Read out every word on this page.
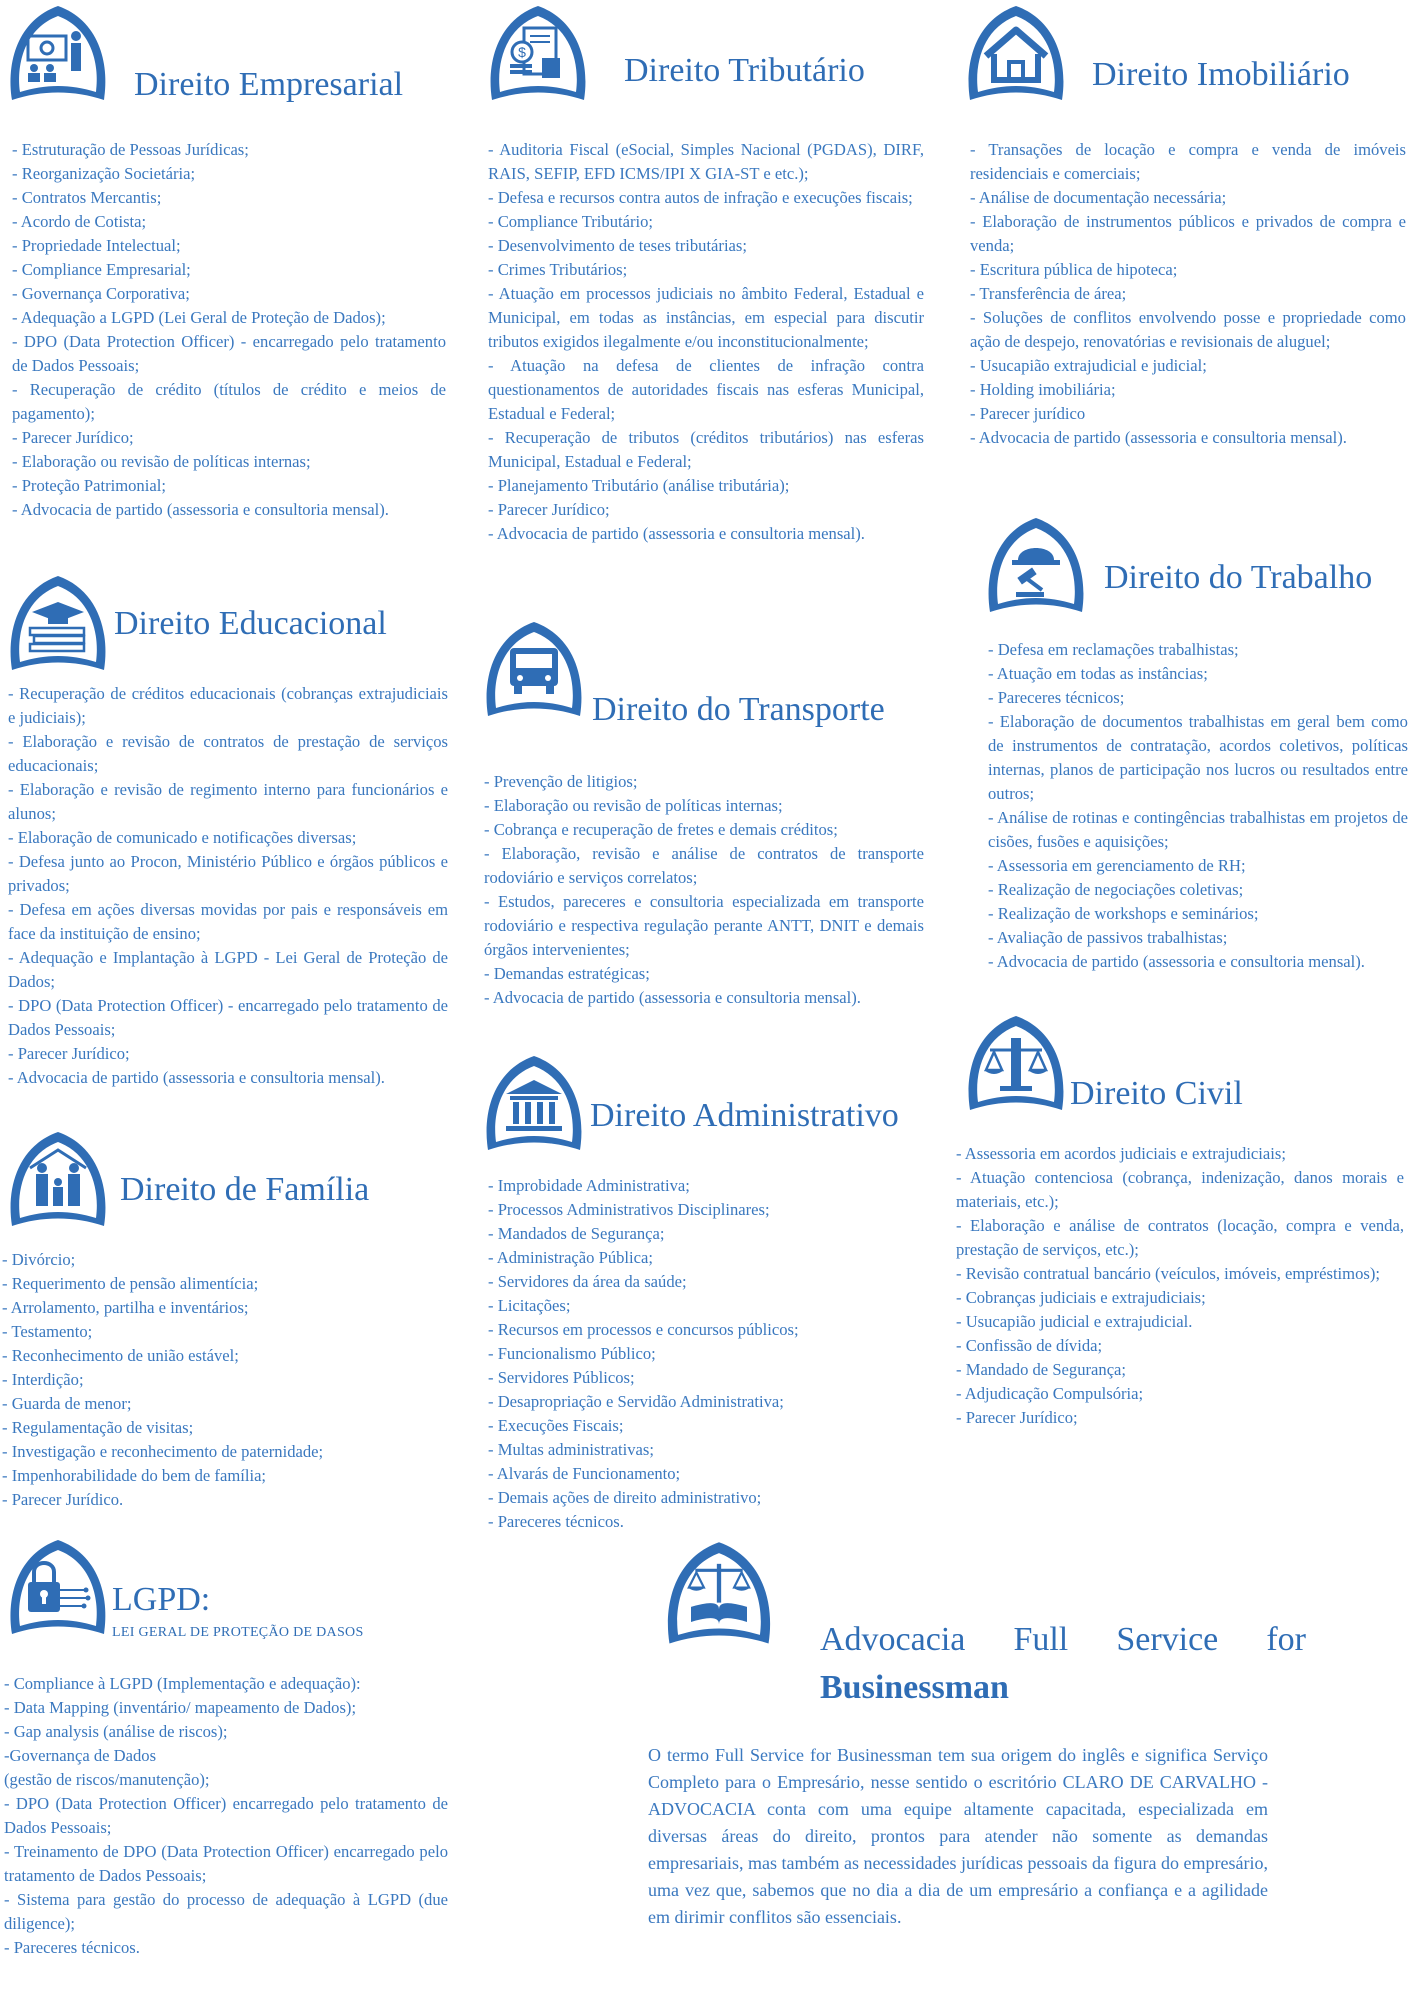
Direito Empresarial
- Estruturação de Pessoas Jurídicas;
- Reorganização Societária;
- Contratos Mercantis;
- Acordo de Cotista;
- Propriedade Intelectual;
- Compliance Empresarial;
- Governança Corporativa;
- Adequação a LGPD (Lei Geral de Proteção de Dados);
- DPO (Data Protection Officer) - encarregado pelo tratamento de Dados Pessoais;
- Recuperação de crédito (títulos de crédito e meios de pagamento);
- Parecer Jurídico;
- Elaboração ou revisão de políticas internas;
- Proteção Patrimonial;
- Advocacia de partido (assessoria e consultoria mensal).
$	Direito Tributário
- Auditoria Fiscal (eSocial, Simples Nacional (PGDAS), DIRF, RAIS, SEFIP, EFD ICMS/IPI X GIA-ST e etc.);
- Defesa e recursos contra autos de infração e execuções fiscais;
- Compliance Tributário;
- Desenvolvimento de teses tributárias;
- Crimes Tributários;
- Atuação em processos judiciais no âmbito Federal, Estadual e Municipal, em todas as instâncias, em especial para discutir tributos exigidos ilegalmente e/ou inconstitucionalmente;
- Atuação na defesa de clientes de infração contra questionamentos de autoridades fiscais nas esferas Municipal, Estadual e Federal;
- Recuperação de tributos (créditos tributários) nas esferas Municipal, Estadual e Federal;
- Planejamento Tributário (análise tributária);
- Parecer Jurídico;
- Advocacia de partido (assessoria e consultoria mensal).
Direito Imobiliário
- Transações de locação e compra e venda de imóveis residenciais e comerciais;
- Análise de documentação necessária;
- Elaboração de instrumentos públicos e privados de compra e venda;
- Escritura pública de hipoteca;
- Transferência de área;
- Soluções de conflitos envolvendo posse e propriedade como ação de despejo, renovatórias e revisionais de aluguel;
- Usucapião extrajudicial e judicial;
- Holding imobiliária;
- Parecer jurídico
- Advocacia de partido (assessoria e consultoria mensal).
Direito Educacional
- Recuperação de créditos educacionais (cobranças extrajudiciais e judiciais);
- Elaboração e revisão de contratos de prestação de serviços educacionais;
- Elaboração e revisão de regimento interno para funcionários e alunos;
- Elaboração de comunicado e notificações diversas;
- Defesa junto ao Procon, Ministério Público e órgãos públicos e privados;
- Defesa em ações diversas movidas por pais e responsáveis em face da instituição de ensino;
- Adequação e Implantação à LGPD - Lei Geral de Proteção de Dados;
- DPO (Data Protection Officer) - encarregado pelo tratamento de Dados Pessoais;
- Parecer Jurídico;
- Advocacia de partido (assessoria e consultoria mensal).
Direito do Transporte
- Prevenção de litigios;
- Elaboração ou revisão de políticas internas;
- Cobrança e recuperação de fretes e demais créditos;
- Elaboração, revisão e análise de contratos de transporte rodoviário e serviços correlatos;
- Estudos, pareceres e consultoria especializada em transporte rodoviário e respectiva regulação perante ANTT, DNIT e demais órgãos intervenientes;
- Demandas estratégicas;
- Advocacia de partido (assessoria e consultoria mensal).
Direito do Trabalho
- Defesa em reclamações trabalhistas;
- Atuação em todas as instâncias;
- Pareceres técnicos;
- Elaboração de documentos trabalhistas em geral bem como de instrumentos de contratação, acordos coletivos, políticas internas, planos de participação nos lucros ou resultados entre outros;
- Análise de rotinas e contingências trabalhistas em projetos de cisões, fusões e aquisições;
- Assessoria em gerenciamento de RH;
- Realização de negociações coletivas;
- Realização de workshops e seminários;
- Avaliação de passivos trabalhistas;
- Advocacia de partido (assessoria e consultoria mensal).
Direito de Família
- Divórcio;
- Requerimento de pensão alimentícia;
- Arrolamento, partilha e inventários;
- Testamento;
- Reconhecimento de união estável;
- Interdição;
- Guarda de menor;
- Regulamentação de visitas;
- Investigação e reconhecimento de paternidade;
- Impenhorabilidade do bem de família;
- Parecer Jurídico.
Direito Administrativo
- Improbidade Administrativa;
- Processos Administrativos Disciplinares;
- Mandados de Segurança;
- Administração Pública;
- Servidores da área da saúde;
- Licitações;
- Recursos em processos e concursos públicos;
- Funcionalismo Público;
- Servidores Públicos;
- Desapropriação e Servidão Administrativa;
- Execuções Fiscais;
- Multas administrativas;
- Alvarás de Funcionamento;
- Demais ações de direito administrativo;
- Pareceres técnicos.
Direito Civil
- Assessoria em acordos judiciais e extrajudiciais;
- Atuação contenciosa (cobrança, indenização, danos morais e materiais, etc.);
- Elaboração e análise de contratos (locação, compra e venda, prestação de serviços, etc.);
- Revisão contratual bancário (veículos, imóveis, empréstimos);
- Cobranças judiciais e extrajudiciais;
- Usucapião judicial e extrajudicial.
- Confissão de dívida;
- Mandado de Segurança;
- Adjudicação Compulsória;
- Parecer Jurídico;
LGPD:
LEI GERAL DE PROTEÇÃO DE DASOS
- Compliance à LGPD (Implementação e adequação):
- Data Mapping (inventário/ mapeamento de Dados);
- Gap analysis (análise de riscos);
-Governança de Dados
(gestão de riscos/manutenção);
- DPO (Data Protection Officer) encarregado pelo tratamento de Dados Pessoais;
- Treinamento de DPO (Data Protection Officer) encarregado pelo tratamento de Dados Pessoais;
- Sistema para gestão do processo de adequação à LGPD (due diligence);
- Pareceres técnicos.
Advocacia Full Service for
Businessman

O termo Full Service for Businessman tem sua origem do inglês e significa Serviço Completo para o Empresário, nesse sentido o escritório CLARO DE CARVALHO - ADVOCACIA conta com uma equipe altamente capacitada, especializada em diversas áreas do direito, prontos para atender não somente as demandas empresariais, mas também as necessidades jurídicas pessoais da figura do empresário, uma vez que, sabemos que no dia a dia de um empresário a confiança e a agilidade em dirimir conflitos são essenciais.
